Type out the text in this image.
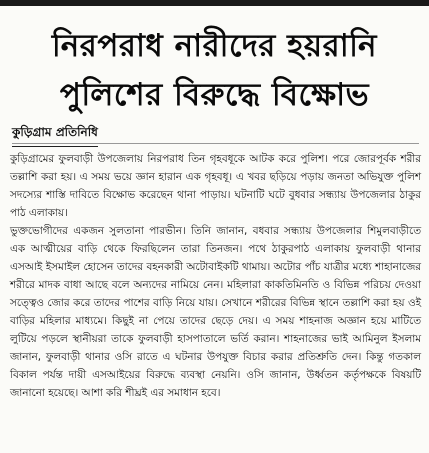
নিরপরাধ নারীদের হয়রানি
পুলিশের বিরুদ্ধে বিক্ষোভ
কুড়িগ্রাম প্রতিনিধি

কুড়িগ্রামের ফুলবাড়ী উপজেলায় নিরপরাধ তিন গৃহবধূকে আটক করে পুলিশ। পরে জোরপূর্বক শরীর তল্লাশি করা হয়। এ সময় ভয়ে জ্ঞান হারান এক গৃহবধূ। এ খবর ছড়িয়ে পড়ায় জনতা অভিযুক্ত পুলিশ সদস্যের শাস্তি দাবিতে বিক্ষোভ করেছেন থানা পাড়ায়। ঘটনাটি ঘটে বুধবার সন্ধ্যায় উপজেলার ঠাকুর পাঠ এলাকায়।

ভুক্তভোগীদের একজন সুলতানা পারভীন। তিনি জানান, বধবার সন্ধ্যায় উপজেলার শিমুলবাড়ীতে এক আত্মীয়ের বাড়ি থেকে ফিরছিলেন তারা তিনজন। পথে ঠাকুরপাঠ এলাকায় ফুলবাড়ী থানার এসআই ইসমাইল হোসেন তাদের বহনকারী অটোবাইকটি থামায়। অটোর পাঁচ যাত্রীর মধ্যে শাহানাজের শরীরে মাদক বাধা আছে বলে অন্যদের নামিয়ে নেন। মহিলারা কাকতিমিনতি ও বিভিন্ন পরিচয় দেওয়া সত্ত্বেও জোর করে তাদের পাশের বাড়ি নিয়ে যায়। সেখানে শরীরের বিভিন্ন স্থানে তল্লাশি করা হয় ওই বাড়ির মহিলার মাধ্যমে। কিছুই না পেয়ে তাদের ছেড়ে দেয়। এ সময় শাহনাজ অজ্ঞান হয়ে মাটিতে লুটিয়ে পড়লে স্থানীয়রা তাকে ফুলবাড়ী হাসপাতালে ভর্তি করান। শাহনাজের ভাই আমিনুল ইসলাম জানান, ফুলবাড়ী থানার ওসি রাতে এ ঘটনার উপযুক্ত বিচার করার প্রতিশ্রুতি দেন। কিন্তু গতকাল বিকাল পর্যন্ত দায়ী এসআইয়ের বিরুদ্ধে ব্যবস্থা নেয়নি। ওসি জানান, উর্ধ্বতন কর্তৃপক্ষকে বিষয়টি জানানো হয়েছে। আশা করি শীঘ্রই এর সমাধান হবে।
